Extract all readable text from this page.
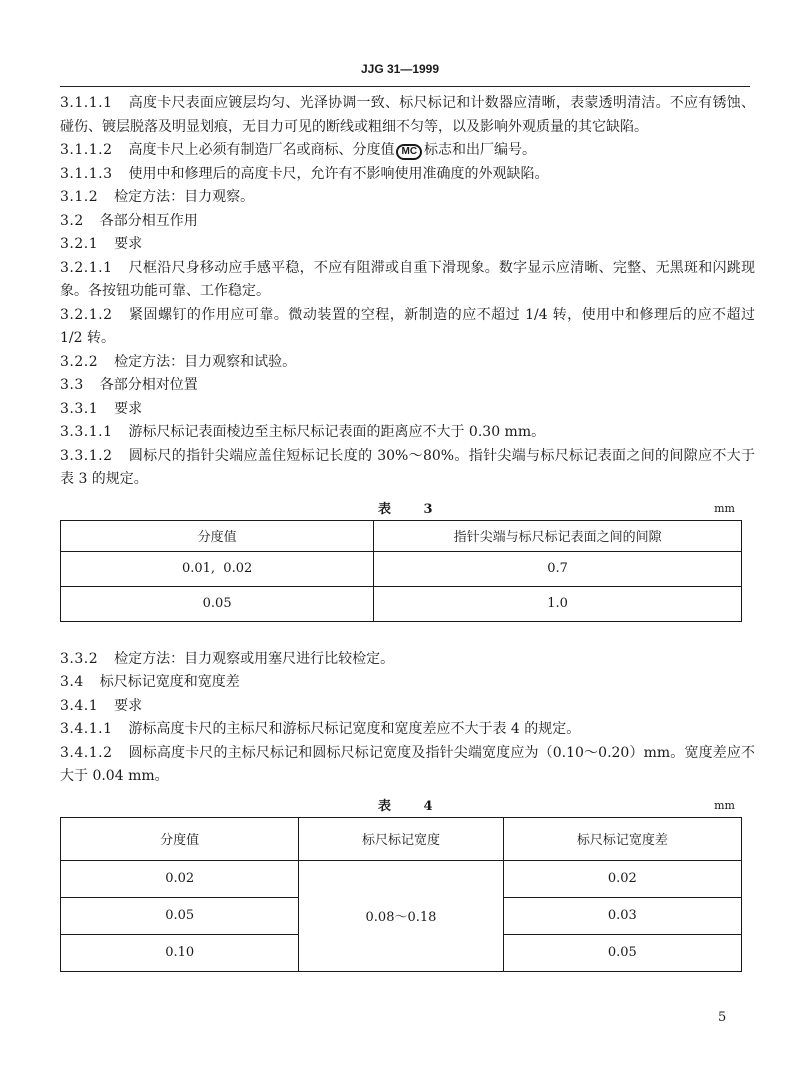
JJG 31—1999

3.1.1.1 高度卡尺表面应镀层均匀、光泽协调一致、标尺标记和计数器应清晰，表蒙透明清洁。不应有锈蚀、碰伤、镀层脱落及明显划痕，无目力可见的断线或粗细不匀等，以及影响外观质量的其它缺陷。

3.1.1.2 高度卡尺上必须有制造厂名或商标、分度值 MC 标志和出厂编号。

3.1.1.3 使用中和修理后的高度卡尺，允许有不影响使用准确度的外观缺陷。

3.1.2 检定方法：目力观察。

3.2 各部分相互作用

3.2.1 要求

3.2.1.1 尺框沿尺身移动应手感平稳，不应有阻滞或自重下滑现象。数字显示应清晰、完整、无黑斑和闪跳现象。各按钮功能可靠、工作稳定。

3.2.1.2 紧固螺钉的作用应可靠。微动装置的空程，新制造的应不超过 1/4 转，使用中和修理后的应不超过 1/2 转。

3.2.2 检定方法：目力观察和试验。

3.3 各部分相对位置

3.3.1 要求

3.3.1.1 游标尺标记表面棱边至主标尺标记表面的距离应不大于 0.30 mm。

3.3.1.2 圆标尺的指针尖端应盖住短标记长度的 30%～80%。指针尖端与标尺标记表面之间的间隙应不大于表 3 的规定。

表 3	mm
分度值	指针尖端与标尺标记表面之间的间隙
0.01,  0.02	0.7
0.05	1.0

3.3.2 检定方法：目力观察或用塞尺进行比较检定。

3.4 标尺标记宽度和宽度差

3.4.1 要求

3.4.1.1 游标高度卡尺的主标尺和游标尺标记宽度和宽度差应不大于表 4 的规定。

3.4.1.2 圆标高度卡尺的主标尺标记和圆标尺标记宽度及指针尖端宽度应为（0.10～0.20）mm。宽度差应不大于 0.04 mm。

表 4	mm
分度值	标尺标记宽度	标尺标记宽度差
0.02	0.08～0.18	0.02
0.05		0.03
0.10		0.05
5
